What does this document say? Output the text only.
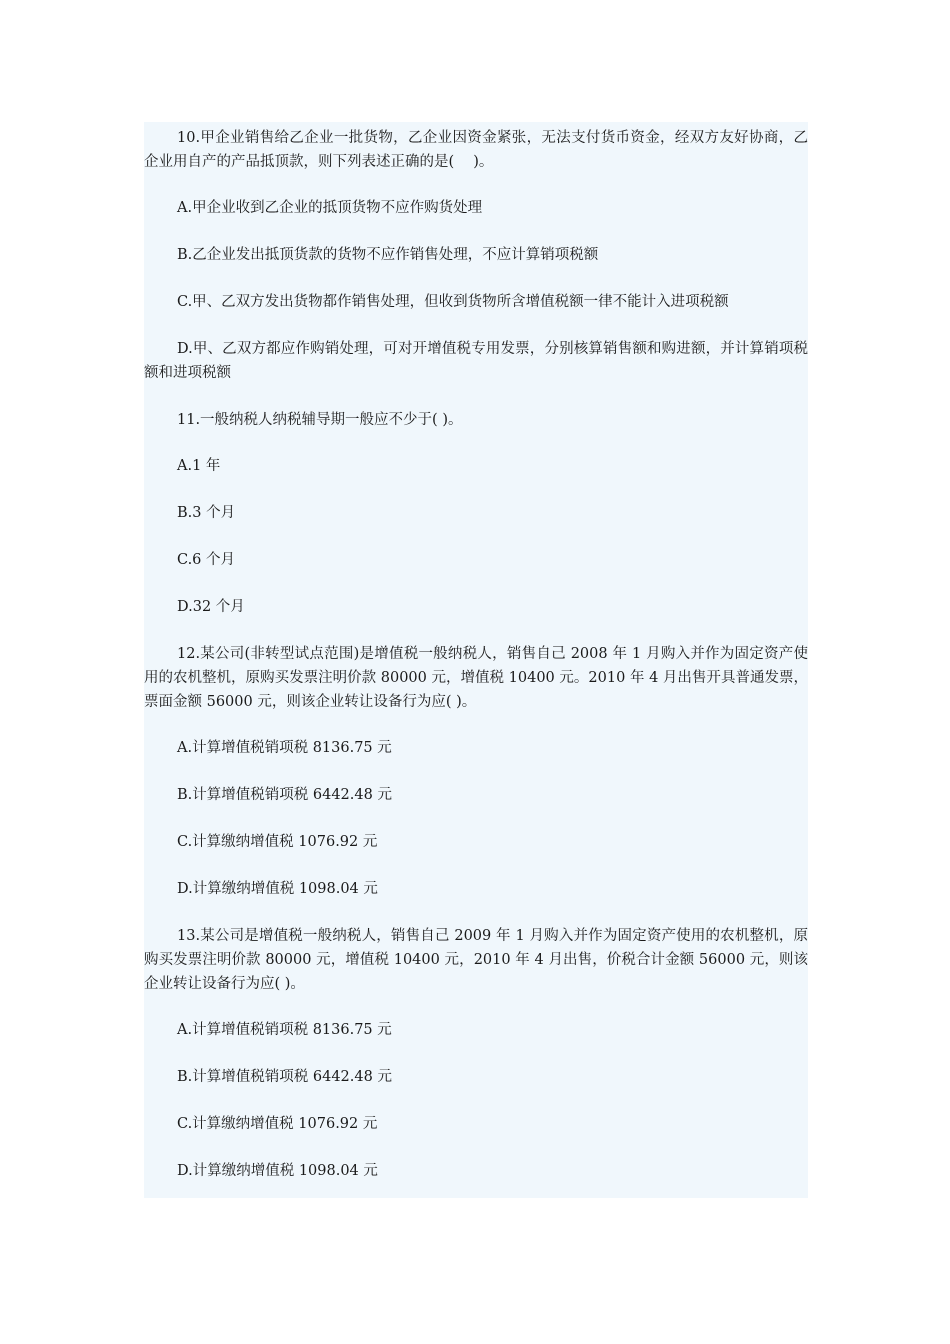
10.甲企业销售给乙企业一批货物，乙企业因资金紧张，无法支付货币资金，经双方友好协商，乙企业用自产的产品抵顶款，则下列表述正确的是(　 )。

A.甲企业收到乙企业的抵顶货物不应作购货处理

B.乙企业发出抵顶货款的货物不应作销售处理，不应计算销项税额

C.甲、乙双方发出货物都作销售处理，但收到货物所含增值税额一律不能计入进项税额

D.甲、乙双方都应作购销处理，可对开增值税专用发票，分别核算销售额和购进额，并计算销项税额和进项税额

11.一般纳税人纳税辅导期一般应不少于( )。

A.1 年

B.3 个月

C.6 个月

D.32 个月

12.某公司(非转型试点范围)是增值税一般纳税人，销售自己 2008 年 1 月购入并作为固定资产使用的农机整机，原购买发票注明价款 80000 元，增值税 10400 元。2010 年 4 月出售开具普通发票，票面金额 56000 元，则该企业转让设备行为应( )。

A.计算增值税销项税 8136.75 元

B.计算增值税销项税 6442.48 元

C.计算缴纳增值税 1076.92 元

D.计算缴纳增值税 1098.04 元

13.某公司是增值税一般纳税人，销售自己 2009 年 1 月购入并作为固定资产使用的农机整机，原购买发票注明价款 80000 元，增值税 10400 元，2010 年 4 月出售，价税合计金额 56000 元，则该企业转让设备行为应( )。

A.计算增值税销项税 8136.75 元

B.计算增值税销项税 6442.48 元

C.计算缴纳增值税 1076.92 元

D.计算缴纳增值税 1098.04 元
